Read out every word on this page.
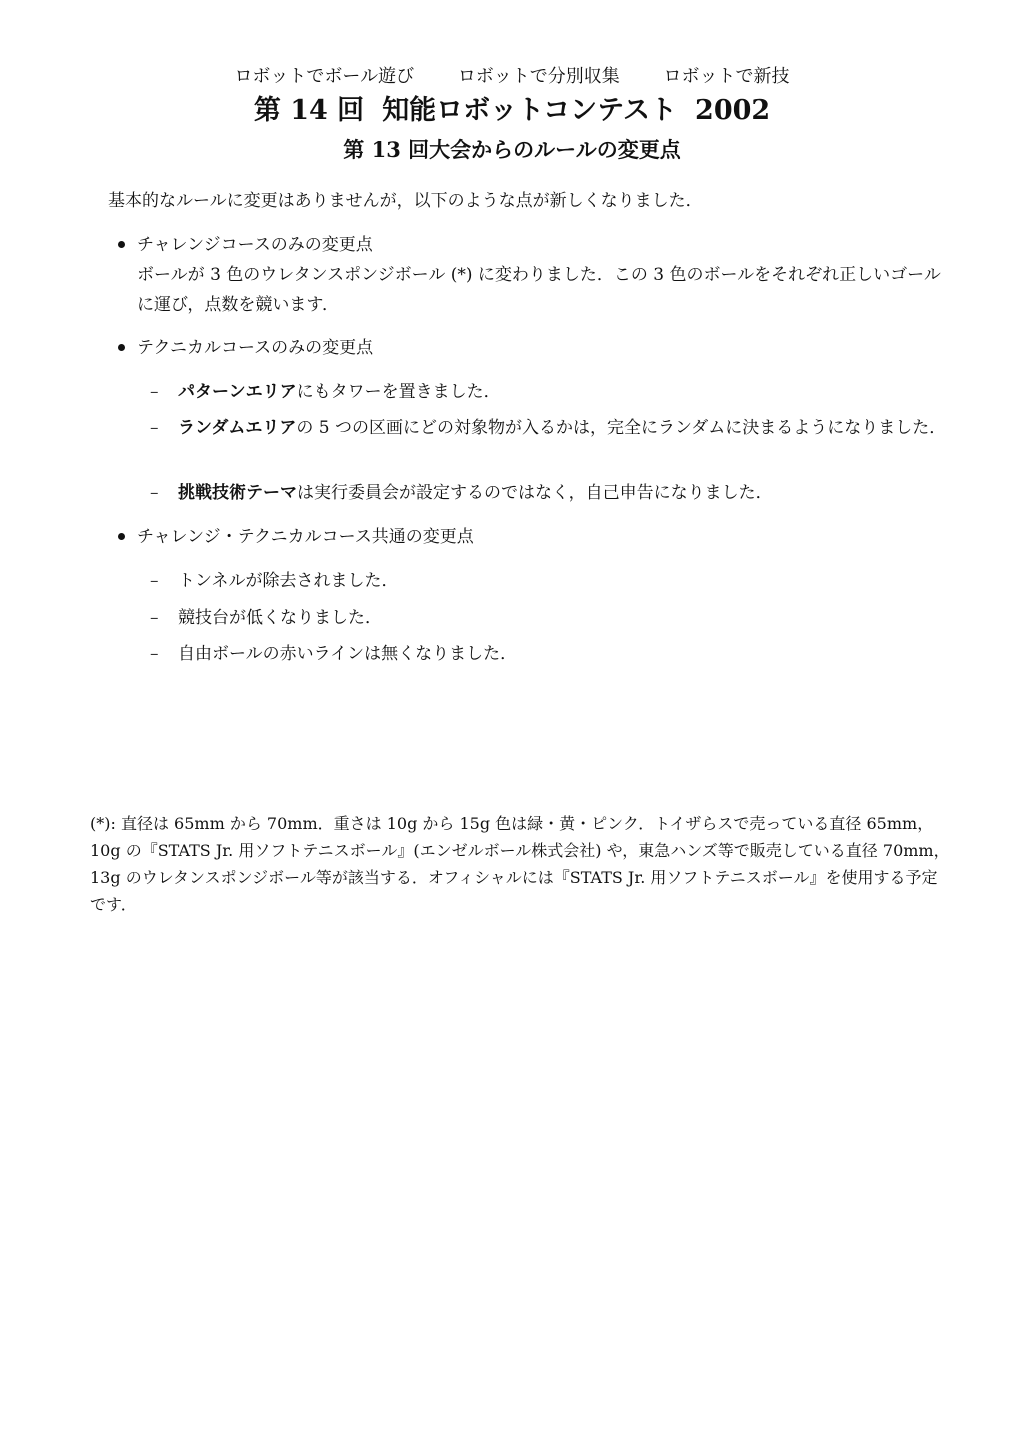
ロボットでボール遊び ロボットで分別収集 ロボットで新技
第 14 回 知能ロボットコンテスト 2002
第 13 回大会からのルールの変更点
基本的なルールに変更はありませんが，以下のような点が新しくなりました．

チャレンジコースのみの変更点

ボールが 3 色のウレタンスポンジボール (*) に変わりました．この 3 色のボールをそれぞれ正しいゴールに運び，点数を競います．

テクニカルコースのみの変更点

– パターンエリアにもタワーを置きました．
– ランダムエリアの 5 つの区画にどの対象物が入るかは，完全にランダムに決まるようになりました．
– 挑戦技術テーマは実行委員会が設定するのではなく，自己申告になりました．

チャレンジ・テクニカルコース共通の変更点

– トンネルが除去されました．
– 競技台が低くなりました．
– 自由ボールの赤いラインは無くなりました．
(*): 直径は 65mm から 70mm．重さは 10g から 15g 色は緑・黄・ピンク．トイザらスで売っている直径 65mm，10g の『STATS Jr. 用ソフトテニスボール』(エンゼルボール株式会社) や，東急ハンズ等で販売している直径 70mm，13g のウレタンスポンジボール等が該当する．オフィシャルには『STATS Jr. 用ソフトテニスボール』を使用する予定です．
